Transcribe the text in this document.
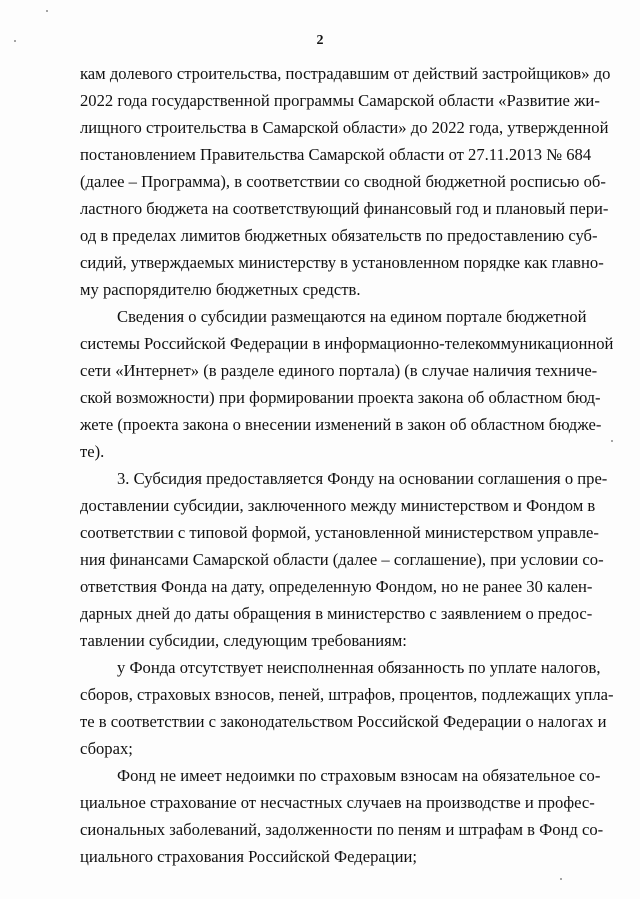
2

кам долевого строительства, пострадавшим от действий застройщиков» до

2022 года государственной программы Самарской области «Развитие жи-

лищного строительства в Самарской области» до 2022 года, утвержденной

постановлением Правительства Самарской области от 27.11.2013 № 684

(далее – Программа), в соответствии со сводной бюджетной росписью об-

ластного бюджета на соответствующий финансовый год и плановый пери-

од в пределах лимитов бюджетных обязательств по предоставлению суб-

сидий, утверждаемых министерству в установленном порядке как главно-

му распорядителю бюджетных средств.

Сведения о субсидии размещаются на едином портале бюджетной

системы Российской Федерации в информационно-телекоммуникационной

сети «Интернет» (в разделе единого портала) (в случае наличия техниче-

ской возможности) при формировании проекта закона об областном бюд-

жете (проекта закона о внесении изменений в закон об областном бюдже-

те).

3. Субсидия предоставляется Фонду на основании соглашения о пре-

доставлении субсидии, заключенного между министерством и Фондом в

соответствии с типовой формой, установленной министерством управле-

ния финансами Самарской области (далее – соглашение), при условии со-

ответствия Фонда на дату, определенную Фондом, но не ранее 30 кален-

дарных дней до даты обращения в министерство с заявлением о предос-

тавлении субсидии, следующим требованиям:

у Фонда отсутствует неисполненная обязанность по уплате налогов,

сборов, страховых взносов, пеней, штрафов, процентов, подлежащих упла-

те в соответствии с законодательством Российской Федерации о налогах и

сборах;

Фонд не имеет недоимки по страховым взносам на обязательное со-

циальное страхование от несчастных случаев на производстве и профес-

сиональных заболеваний, задолженности по пеням и штрафам в Фонд со-

циального страхования Российской Федерации;
